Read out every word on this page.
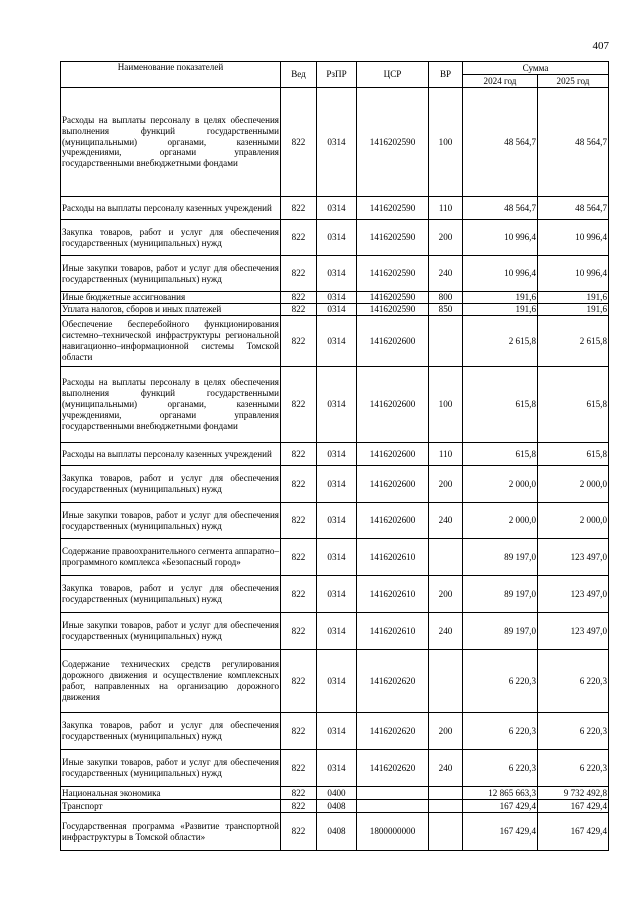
407
Наименование показателей	Вед	РзПР	ЦСР	ВР	Сумма	
					2024 год	2025 год
Расходы на выплаты персоналу в целях обеспечения выполнения функций государственными (муниципальными) органами, казенными учреждениями, органами управления государственными внебюджетными фондами	822	0314	1416202590	100	48 564,7	48 564,7
Расходы на выплаты персоналу казенных учреждений	822	0314	1416202590	110	48 564,7	48 564,7
Закупка товаров, работ и услуг для обеспечения государственных (муниципальных) нужд	822	0314	1416202590	200	10 996,4	10 996,4
Иные закупки товаров, работ и услуг для обеспечения государственных (муниципальных) нужд	822	0314	1416202590	240	10 996,4	10 996,4
Иные бюджетные ассигнования	822	0314	1416202590	800	191,6	191,6
Уплата налогов, сборов и иных платежей	822	0314	1416202590	850	191,6	191,6
Обеспечение бесперебойного функционирования системно–технической инфраструктуры региональной навигационно–информационной системы Томской области	822	0314	1416202600		2 615,8	2 615,8
Расходы на выплаты персоналу в целях обеспечения выполнения функций государственными (муниципальными) органами, казенными учреждениями, органами управления государственными внебюджетными фондами	822	0314	1416202600	100	615,8	615,8
Расходы на выплаты персоналу казенных учреждений	822	0314	1416202600	110	615,8	615,8
Закупка товаров, работ и услуг для обеспечения государственных (муниципальных) нужд	822	0314	1416202600	200	2 000,0	2 000,0
Иные закупки товаров, работ и услуг для обеспечения государственных (муниципальных) нужд	822	0314	1416202600	240	2 000,0	2 000,0
Содержание правоохранительного сегмента аппаратно–программного комплекса «Безопасный город»	822	0314	1416202610		89 197,0	123 497,0
Закупка товаров, работ и услуг для обеспечения государственных (муниципальных) нужд	822	0314	1416202610	200	89 197,0	123 497,0
Иные закупки товаров, работ и услуг для обеспечения государственных (муниципальных) нужд	822	0314	1416202610	240	89 197,0	123 497,0
Содержание технических средств регулирования дорожного движения и осуществление комплексных работ, направленных на организацию дорожного движения	822	0314	1416202620		6 220,3	6 220,3
Закупка товаров, работ и услуг для обеспечения государственных (муниципальных) нужд	822	0314	1416202620	200	6 220,3	6 220,3
Иные закупки товаров, работ и услуг для обеспечения государственных (муниципальных) нужд	822	0314	1416202620	240	6 220,3	6 220,3
Национальная экономика	822	0400			12 865 663,3	9 732 492,8
Транспорт	822	0408			167 429,4	167 429,4
Государственная программа «Развитие транспортной инфраструктуры в Томской области»	822	0408	1800000000		167 429,4	167 429,4
